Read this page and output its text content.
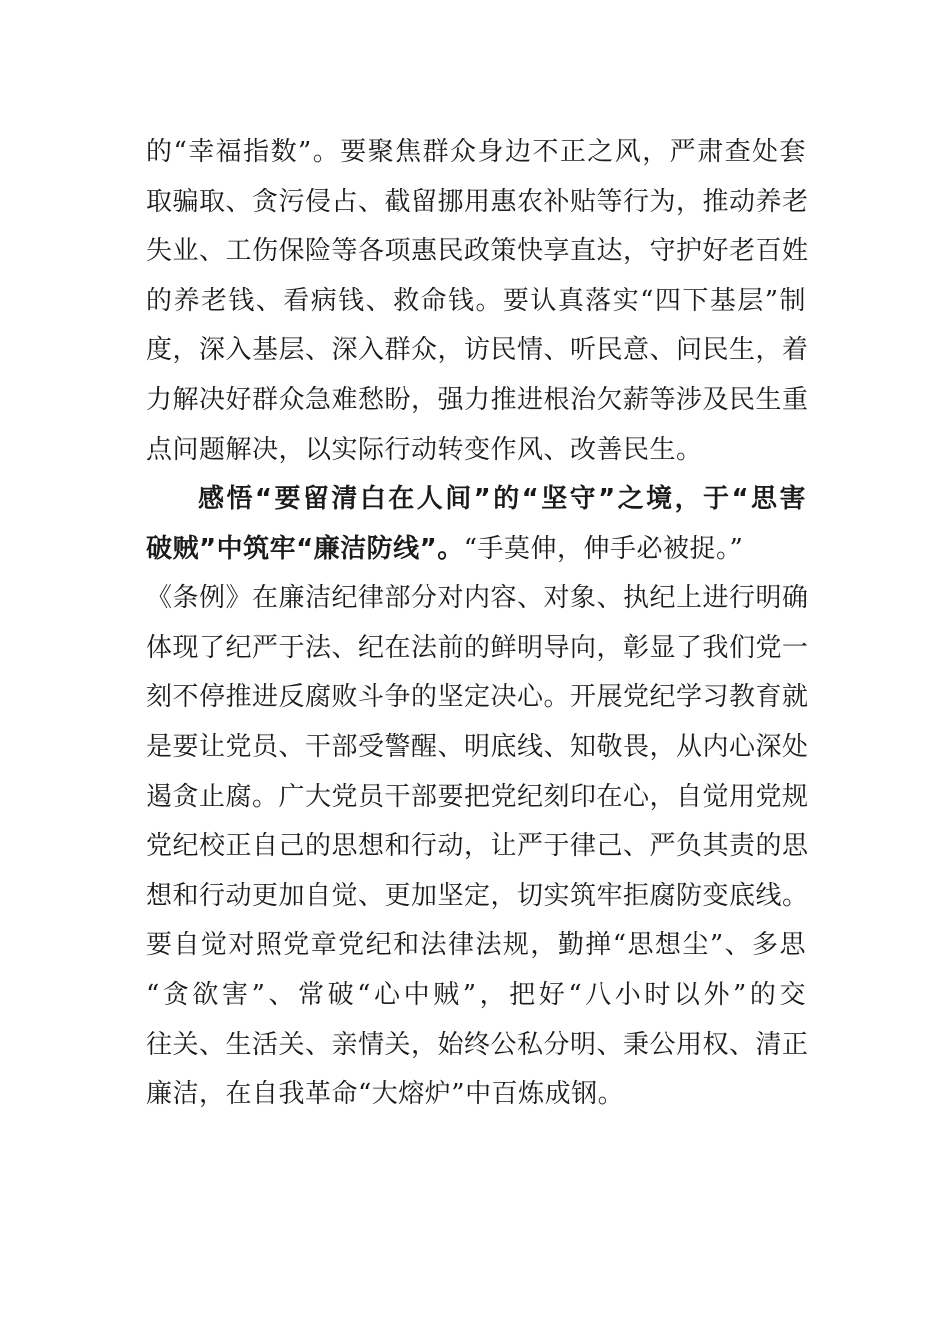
的“幸福指数”。要聚焦群众身边不正之风，严肃查处套
取骗取、贪污侵占、截留挪用惠农补贴等行为，推动养老
失业、工伤保险等各项惠民政策快享直达，守护好老百姓
的养老钱、看病钱、救命钱。要认真落实“四下基层”制
度，深入基层、深入群众，访民情、听民意、问民生，着
力解决好群众急难愁盼，强力推进根治欠薪等涉及民生重
点问题解决，以实际行动转变作风、改善民生。
感悟“要留清白在人间”的“坚守”之境，于“思害
破贼”中筑牢“廉洁防线”。“手莫伸，伸手必被捉。”
《条例》在廉洁纪律部分对内容、对象、执纪上进行明确
体现了纪严于法、纪在法前的鲜明导向，彰显了我们党一
刻不停推进反腐败斗争的坚定决心。开展党纪学习教育就
是要让党员、干部受警醒、明底线、知敬畏，从内心深处
遏贪止腐。广大党员干部要把党纪刻印在心，自觉用党规
党纪校正自己的思想和行动，让严于律己、严负其责的思
想和行动更加自觉、更加坚定，切实筑牢拒腐防变底线。
要自觉对照党章党纪和法律法规，勤掸“思想尘”、多思
“贪欲害”、常破“心中贼”，把好“八小时以外”的交
往关、生活关、亲情关，始终公私分明、秉公用权、清正
廉洁，在自我革命“大熔炉”中百炼成钢。
